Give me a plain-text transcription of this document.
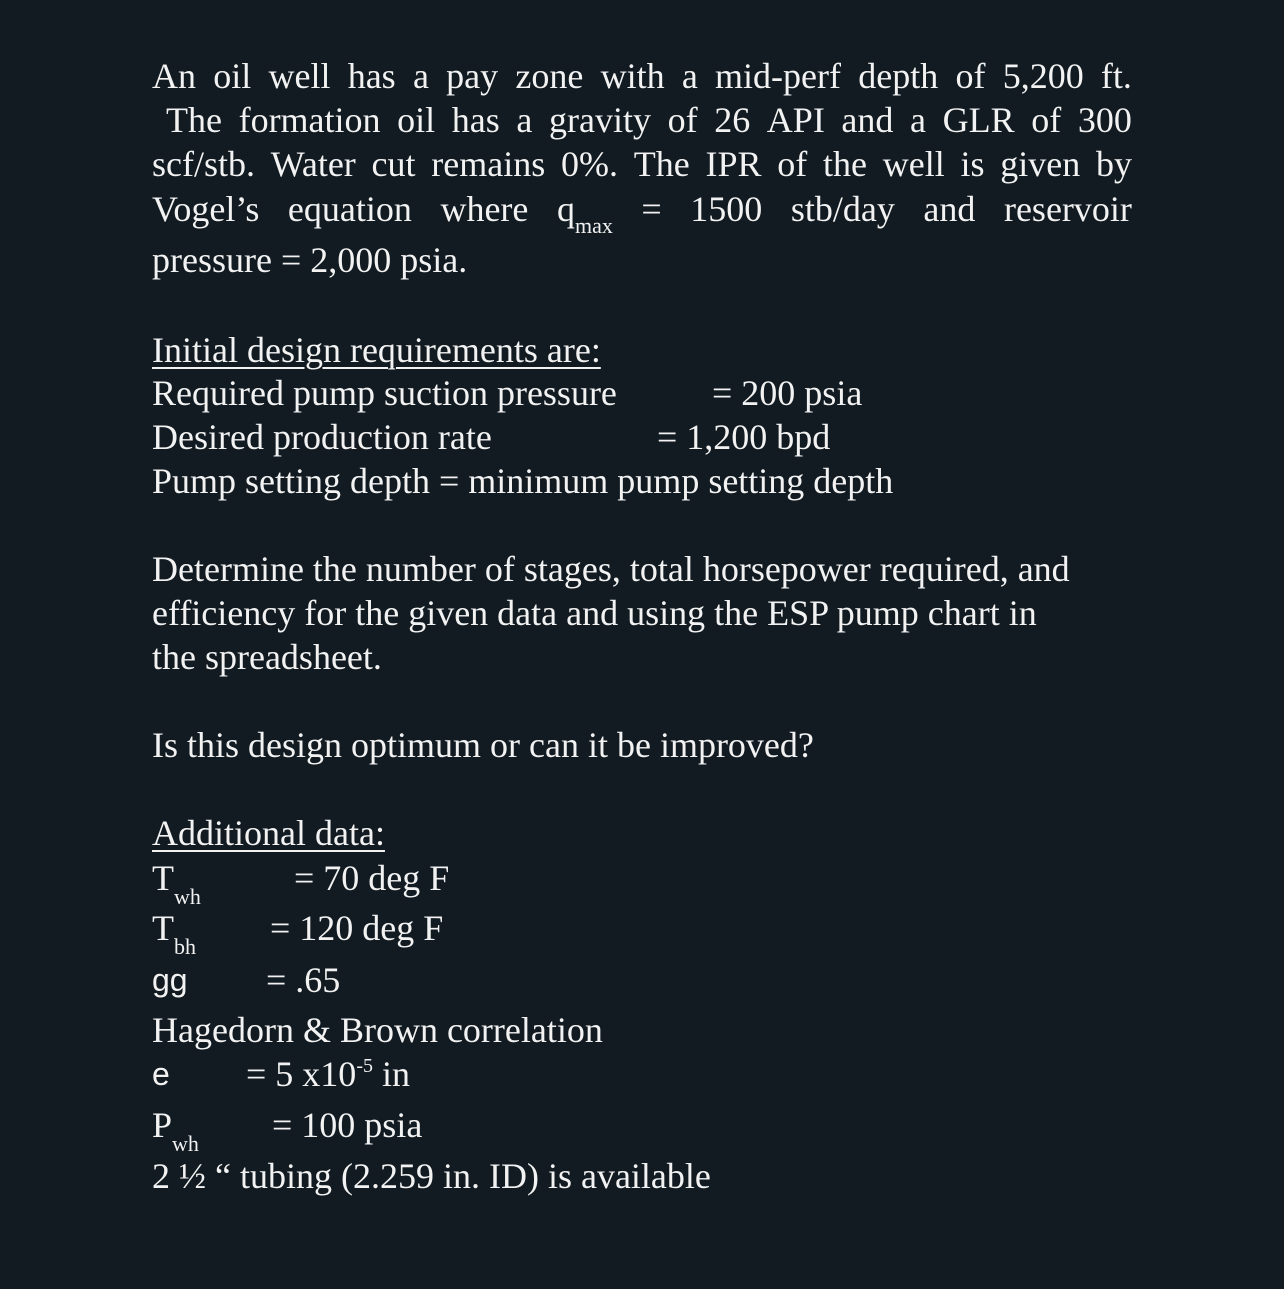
An oil well has a pay zone with a mid-perf depth of 5,200 ft.
The formation oil has a gravity of 26 API and a GLR of 300
scf/stb. Water cut remains 0%. The IPR of the well is given by
Vogel’s equation where $q_{max} = 1500$ stb/day and reservoir
pressure = 2,000 psia.
Initial design requirements are:
Required pump suction pressure	= 200 psia
Desired production rate	= 1,200 bpd
Pump setting depth = minimum pump setting depth
Determine the number of stages, total horsepower required, and
efficiency for the given data and using the ESP pump chart in
the spreadsheet.
Is this design optimum or can it be improved?
Additional data:
$T_{wh}$	= 70 deg F
$T_{bh} = 120$ deg F
gg = .65
Hagedorn & Brown correlation
e = 5 $x10^{-5}$ in
$P_{wh} = 100$ psia
2 ½ “ tubing (2.259 in. ID) is available
